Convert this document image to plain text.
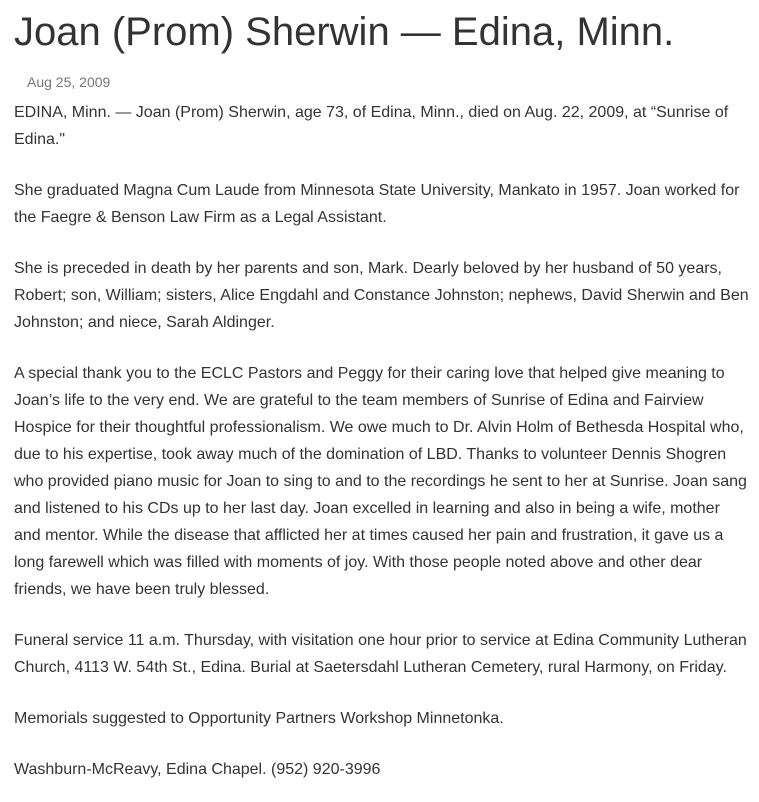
Joan (Prom) Sherwin — Edina, Minn.
Aug 25, 2009

EDINA, Minn. — Joan (Prom) Sherwin, age 73, of Edina, Minn., died on Aug. 22, 2009, at “Sunrise of Edina."

She graduated Magna Cum Laude from Minnesota State University, Mankato in 1957. Joan worked for the Faegre & Benson Law Firm as a Legal Assistant.

She is preceded in death by her parents and son, Mark. Dearly beloved by her husband of 50 years, Robert; son, William; sisters, Alice Engdahl and Constance Johnston; nephews, David Sherwin and Ben Johnston; and niece, Sarah Aldinger.

A special thank you to the ECLC Pastors and Peggy for their caring love that helped give meaning to Joan’s life to the very end. We are grateful to the team members of Sunrise of Edina and Fairview Hospice for their thoughtful professionalism. We owe much to Dr. Alvin Holm of Bethesda Hospital who, due to his expertise, took away much of the domination of LBD. Thanks to volunteer Dennis Shogren who provided piano music for Joan to sing to and to the recordings he sent to her at Sunrise. Joan sang and listened to his CDs up to her last day. Joan excelled in learning and also in being a wife, mother and mentor. While the disease that afflicted her at times caused her pain and frustration, it gave us a long farewell which was filled with moments of joy. With those people noted above and other dear friends, we have been truly blessed.

Funeral service 11 a.m. Thursday, with visitation one hour prior to service at Edina Community Lutheran Church, 4113 W. 54th St., Edina. Burial at Saetersdahl Lutheran Cemetery, rural Harmony, on Friday.

Memorials suggested to Opportunity Partners Workshop Minnetonka.

Washburn-McReavy, Edina Chapel. (952) 920-3996
